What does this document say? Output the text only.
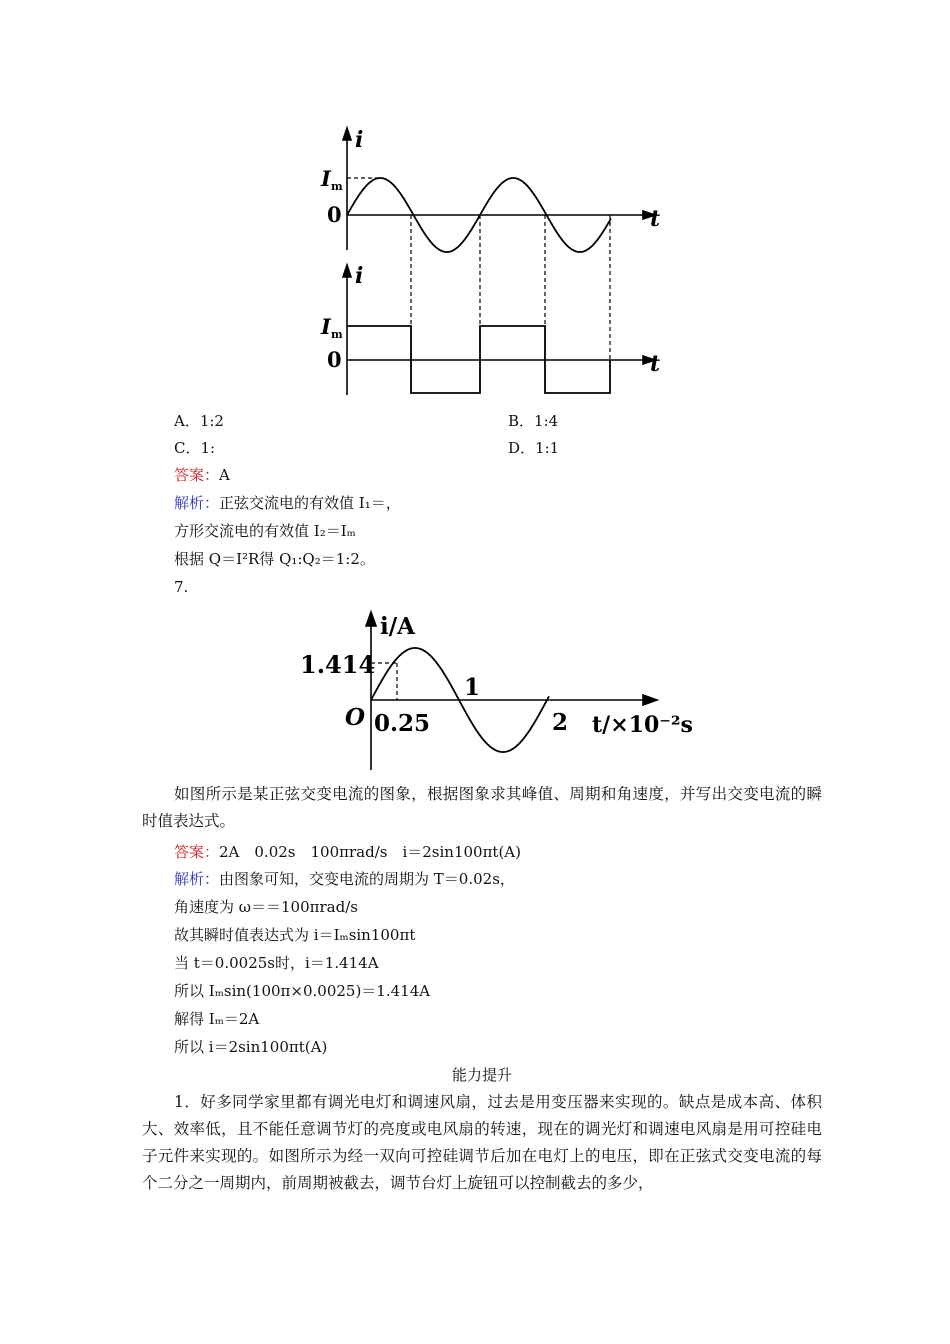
i
I m
0	t
i
I m
0	t
A．1:2	B．1:4
C．1:	D．1:1
答案：A
解析：正弦交流电的有效值 I₁＝，
方形交流电的有效值 I₂＝Iₘ
根据 Q＝I²R得 Q₁:Q₂＝1:2。
7.
i/A
1.414
O 0.25
1
2 t/×10⁻²s
如图所示是某正弦交变电流的图象，根据图象求其峰值、周期和角速度，并写出交变电流的瞬时值表达式。
答案：2A　0.02s　100πrad/s　i＝2sin100πt(A)
解析：由图象可知，交变电流的周期为 T＝0.02s，
角速度为 ω＝＝100πrad/s
故其瞬时值表达式为 i＝Iₘsin100πt
当 t＝0.0025s时，i＝1.414A
所以 Iₘsin(100π×0.0025)＝1.414A
解得 Iₘ＝2A
所以 i＝2sin100πt(A)
能力提升
1．好多同学家里都有调光电灯和调速风扇，过去是用变压器来实现的。缺点是成本高、体积大、效率低，且不能任意调节灯的亮度或电风扇的转速，现在的调光灯和调速电风扇是用可控硅电子元件来实现的。如图所示为经一双向可控硅调节后加在电灯上的电压，即在正弦式交变电流的每个二分之一周期内，前周期被截去，调节台灯上旋钮可以控制截去的多少，
